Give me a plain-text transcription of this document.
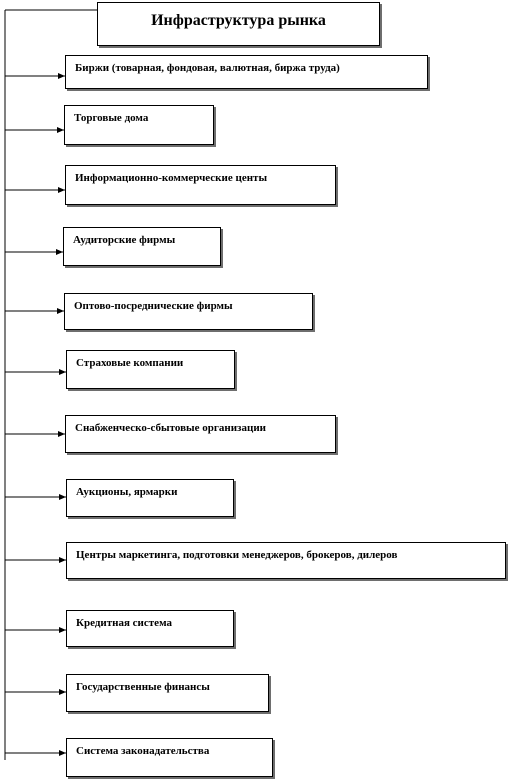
Инфраструктура рынка
Биржи (товарная, фондовая, валютная, биржа труда)
Торговые дома
Информационно-коммерческие центы
Аудиторские фирмы
Оптово-посреднические фирмы
Страховые компании
Снабженческо-сбытовые организации
Аукционы, ярмарки
Центры маркетинга, подготовки менеджеров, брокеров, дилеров
Кредитная система
Государственные финансы
Система законадательства
